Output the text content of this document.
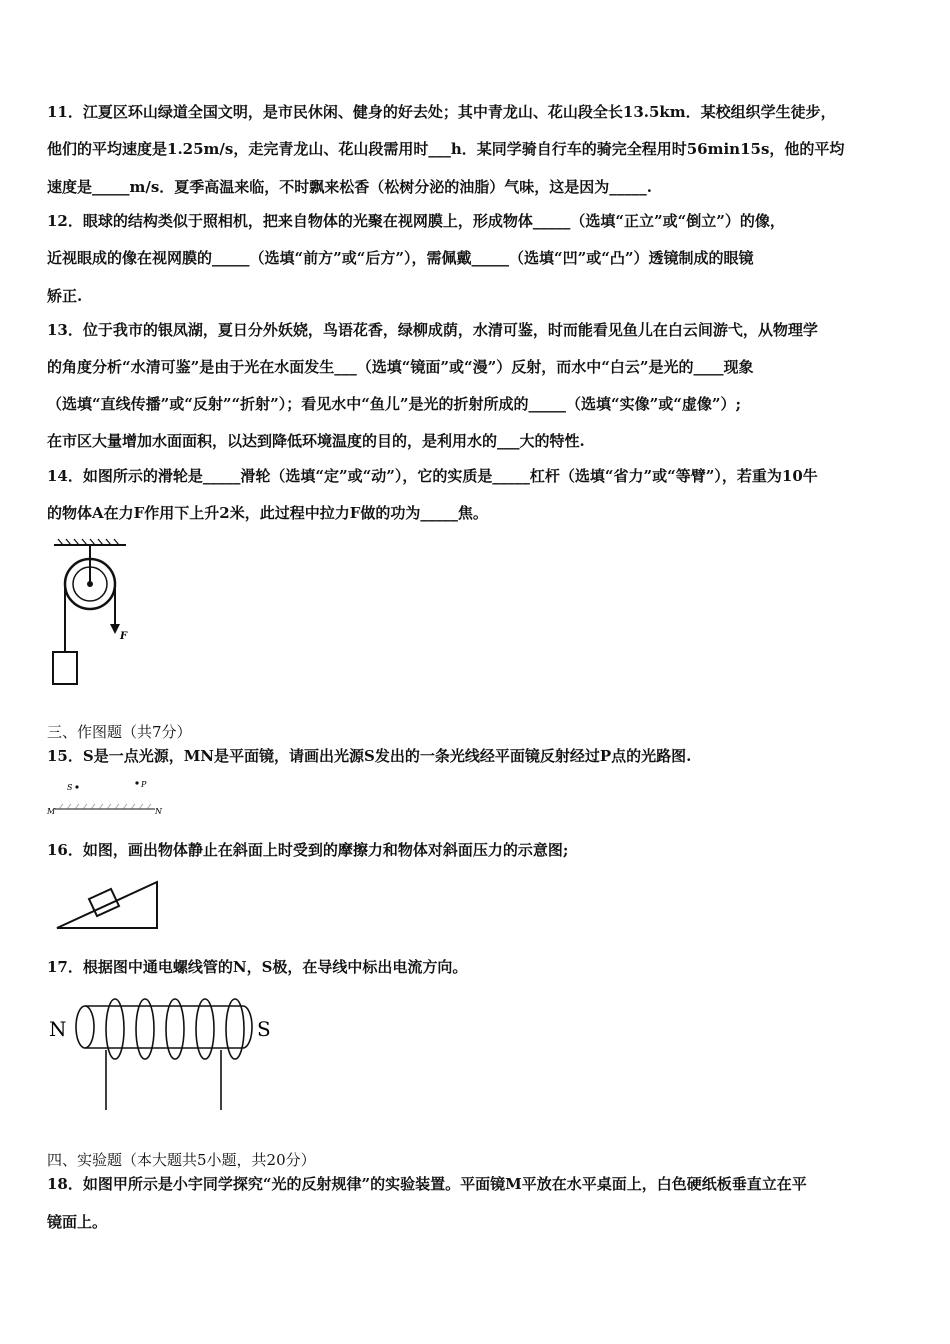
11．江夏区环山绿道全国文明，是市民休闲、健身的好去处；其中青龙山、花山段全长13.5km．某校组织学生徒步，
他们的平均速度是1.25m/s，走完青龙山、花山段需用时___h．某同学骑自行车的骑完全程用时56min15s，他的平均
速度是_____m/s．夏季高温来临，不时飘来松香（松树分泌的油脂）气味，这是因为_____.
12．眼球的结构类似于照相机，把来自物体的光聚在视网膜上，形成物体_____（选填“正立”或“倒立”）的像，
近视眼成的像在视网膜的_____（选填“前方”或“后方”），需佩戴_____（选填“凹”或“凸”）透镜制成的眼镜
矫正.
13．位于我市的银凤湖，夏日分外妖娆，鸟语花香，绿柳成荫，水清可鉴，时而能看见鱼儿在白云间游弋，从物理学
的角度分析“水清可鉴”是由于光在水面发生___（选填“镜面”或“漫”）反射，而水中“白云”是光的____现象
（选填“直线传播”或“反射”“折射”）；看见水中“鱼儿”是光的折射所成的_____（选填“实像”或“虚像”）;
在市区大量增加水面面积，以达到降低环境温度的目的，是利用水的___大的特性.
14．如图所示的滑轮是_____滑轮（选填“定”或“动”），它的实质是_____杠杆（选填“省力”或“等臂”），若重为10牛
的物体A在力F作用下上升2米，此过程中拉力F做的功为_____焦。
F
三、作图题（共7分）
15．S是一点光源，MN是平面镜，请画出光源S发出的一条光线经平面镜反射经过P点的光路图.
S	P
M	N
16．如图，画出物体静止在斜面上时受到的摩擦力和物体对斜面压力的示意图;
17．根据图中通电螺线管的N，S极，在导线中标出电流方向。
N	S
四、实验题（本大题共5小题，共20分）
18．如图甲所示是小宇同学探究“光的反射规律”的实验装置。平面镜M平放在水平桌面上，白色硬纸板垂直立在平
镜面上。
